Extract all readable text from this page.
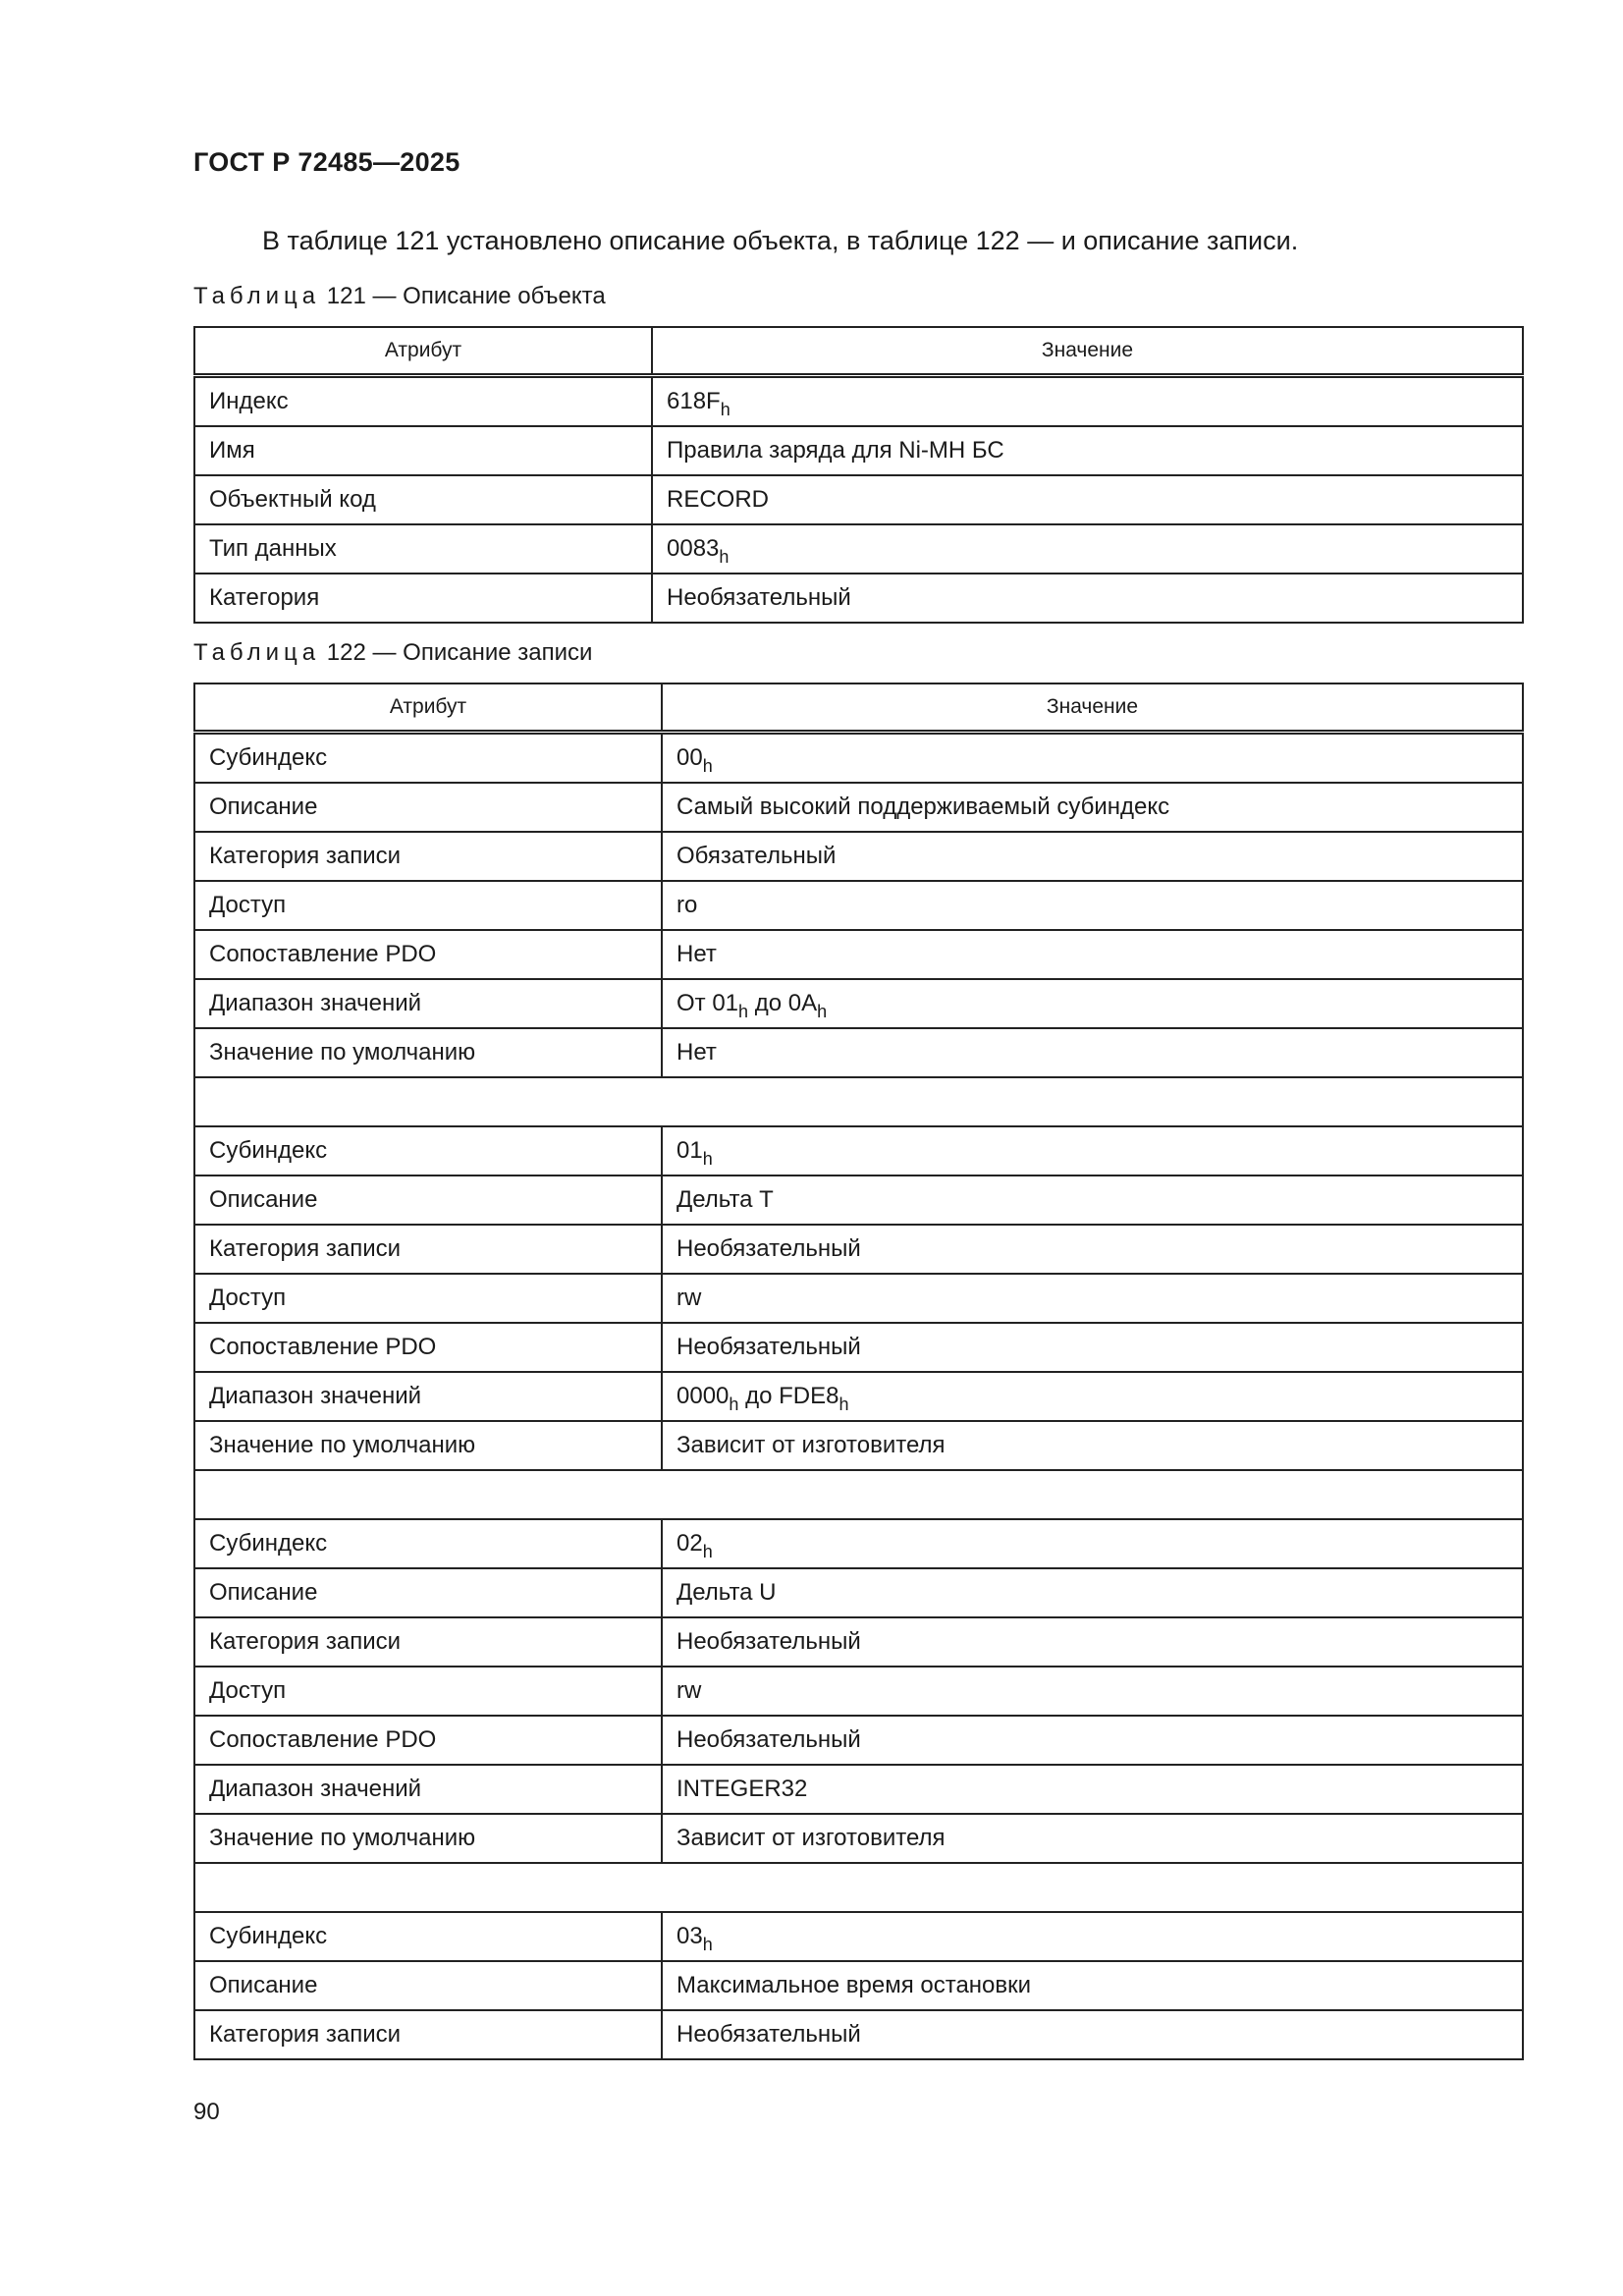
ГОСТ Р 72485—2025
В таблице 121 установлено описание объекта, в таблице 122 — и описание записи.
Таблица 121 — Описание объекта
Атрибут	Значение
Индекс	$618F_h$
Имя	Правила заряда для Ni-MH БС
Объектный код	RECORD
Тип данных	$0083_h$
Категория	Необязательный
Таблица 122 — Описание записи
Атрибут	Значение
Субиндекс	$00_h$
Описание	Самый высокий поддерживаемый субиндекс
Категория записи	Обязательный
Доступ	ro
Сопоставление PDO	Нет
Диапазон значений	От $01_h$ до $0A_h$
Значение по умолчанию	Нет

Субиндекс	$01_h$
Описание	Дельта T
Категория записи	Необязательный
Доступ	rw
Сопоставление PDO	Необязательный
Диапазон значений	$0000_h$ до $FDE8_h$
Значение по умолчанию	Зависит от изготовителя

Субиндекс	$02_h$
Описание	Дельта U
Категория записи	Необязательный
Доступ	rw
Сопоставление PDO	Необязательный
Диапазон значений	INTEGER32
Значение по умолчанию	Зависит от изготовителя

Субиндекс	$03_h$
Описание	Максимальное время остановки
Категория записи	Необязательный
90
